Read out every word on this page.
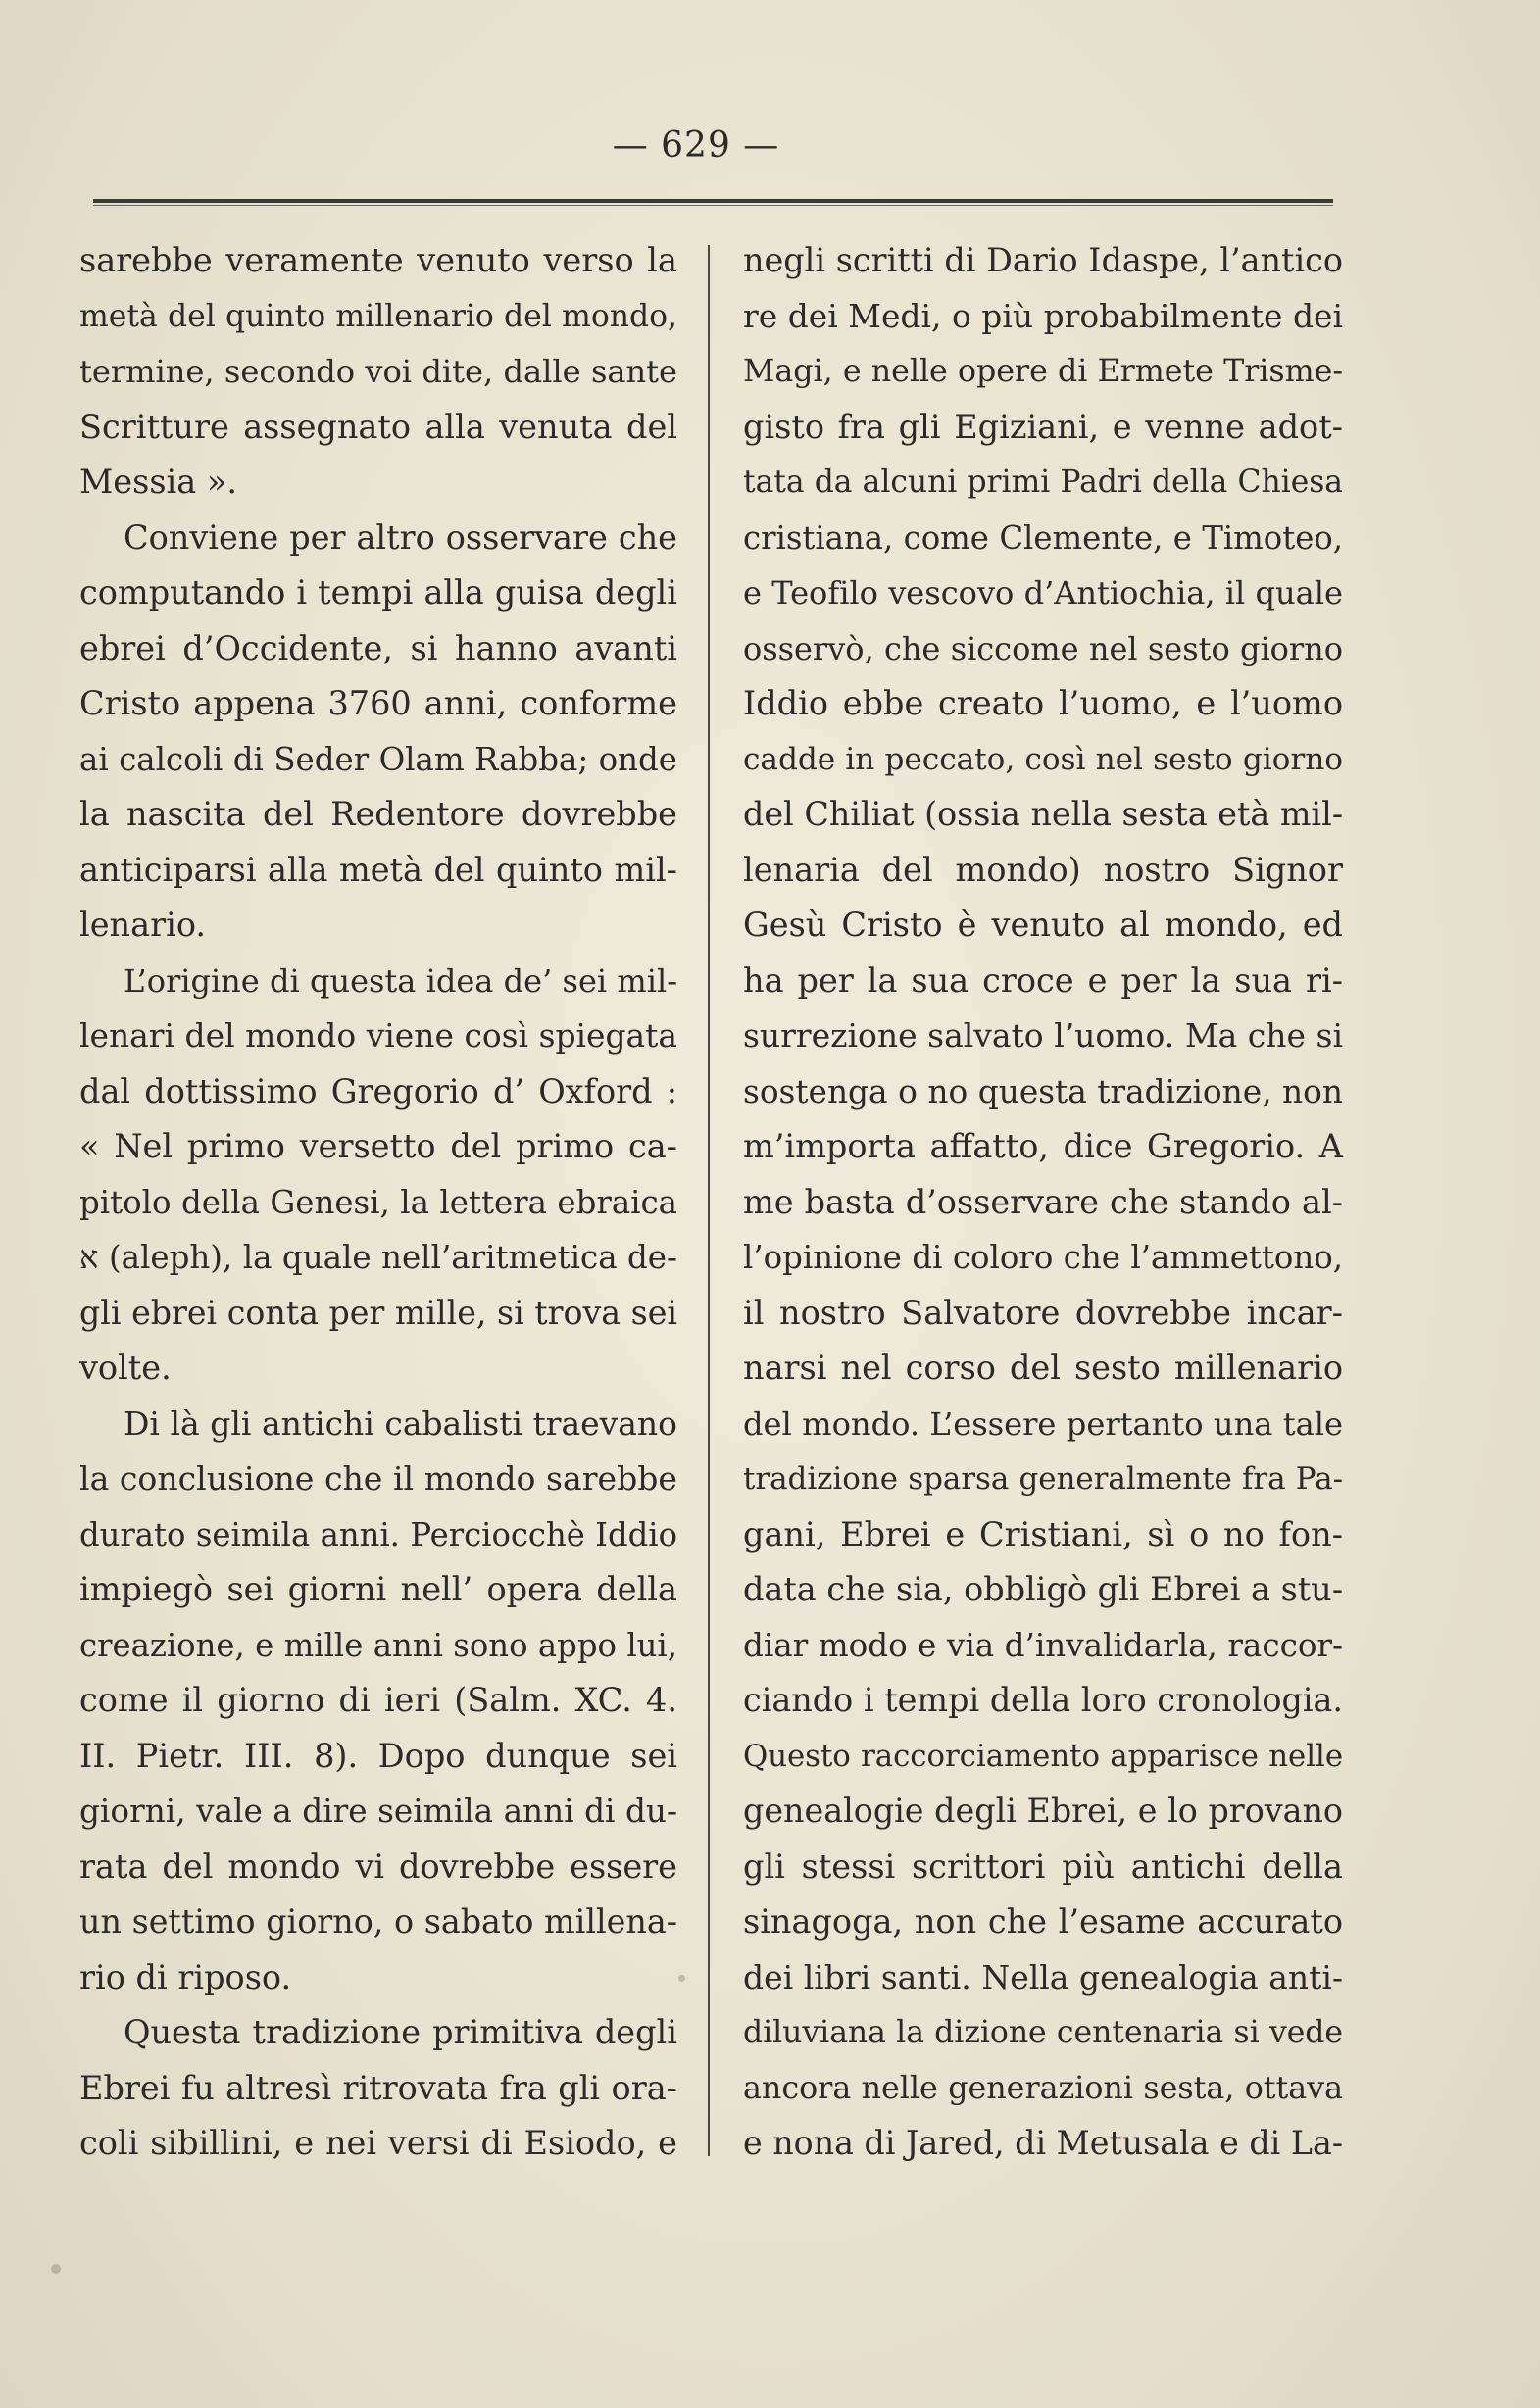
— 629 —
sarebbe veramente venuto verso la
metà del quinto millenario del mondo,
termine, secondo voi dite, dalle sante
Scritture assegnato alla venuta del
Messia ».
Conviene per altro osservare che
computando i tempi alla guisa degli
ebrei d’Occidente, si hanno avanti
Cristo appena 3760 anni, conforme
ai calcoli di Seder Olam Rabba; onde
la nascita del Redentore dovrebbe
anticiparsi alla metà del quinto mil-
lenario.
L’origine di questa idea de’ sei mil-
lenari del mondo viene così spiegata
dal dottissimo Gregorio d’ Oxford :
« Nel primo versetto del primo ca-
pitolo della Genesi, la lettera ebraica
א (aleph), la quale nell’aritmetica de-
gli ebrei conta per mille, si trova sei
volte.
Di là gli antichi cabalisti traevano
la conclusione che il mondo sarebbe
durato seimila anni. Perciocchè Iddio
impiegò sei giorni nell’ opera della
creazione, e mille anni sono appo lui,
come il giorno di ieri (Salm. XC. 4.
II. Pietr. III. 8). Dopo dunque sei
giorni, vale a dire seimila anni di du-
rata del mondo vi dovrebbe essere
un settimo giorno, o sabato millena-
rio di riposo.
Questa tradizione primitiva degli
Ebrei fu altresì ritrovata fra gli ora-
coli sibillini, e nei versi di Esiodo, e
negli scritti di Dario Idaspe, l’antico
re dei Medi, o più probabilmente dei
Magi, e nelle opere di Ermete Trisme-
gisto fra gli Egiziani, e venne adot-
tata da alcuni primi Padri della Chiesa
cristiana, come Clemente, e Timoteo,
e Teofilo vescovo d’Antiochia, il quale
osservò, che siccome nel sesto giorno
Iddio ebbe creato l’uomo, e l’uomo
cadde in peccato, così nel sesto giorno
del Chiliat (ossia nella sesta età mil-
lenaria del mondo) nostro Signor
Gesù Cristo è venuto al mondo, ed
ha per la sua croce e per la sua ri-
surrezione salvato l’uomo. Ma che si
sostenga o no questa tradizione, non
m’importa affatto, dice Gregorio. A
me basta d’osservare che stando al-
l’opinione di coloro che l’ammettono,
il nostro Salvatore dovrebbe incar-
narsi nel corso del sesto millenario
del mondo. L’essere pertanto una tale
tradizione sparsa generalmente fra Pa-
gani, Ebrei e Cristiani, sì o no fon-
data che sia, obbligò gli Ebrei a stu-
diar modo e via d’invalidarla, raccor-
ciando i tempi della loro cronologia.
Questo raccorciamento apparisce nelle
genealogie degli Ebrei, e lo provano
gli stessi scrittori più antichi della
sinagoga, non che l’esame accurato
dei libri santi. Nella genealogia anti-
diluviana la dizione centenaria si vede
ancora nelle generazioni sesta, ottava
e nona di Jared, di Metusala e di La-
